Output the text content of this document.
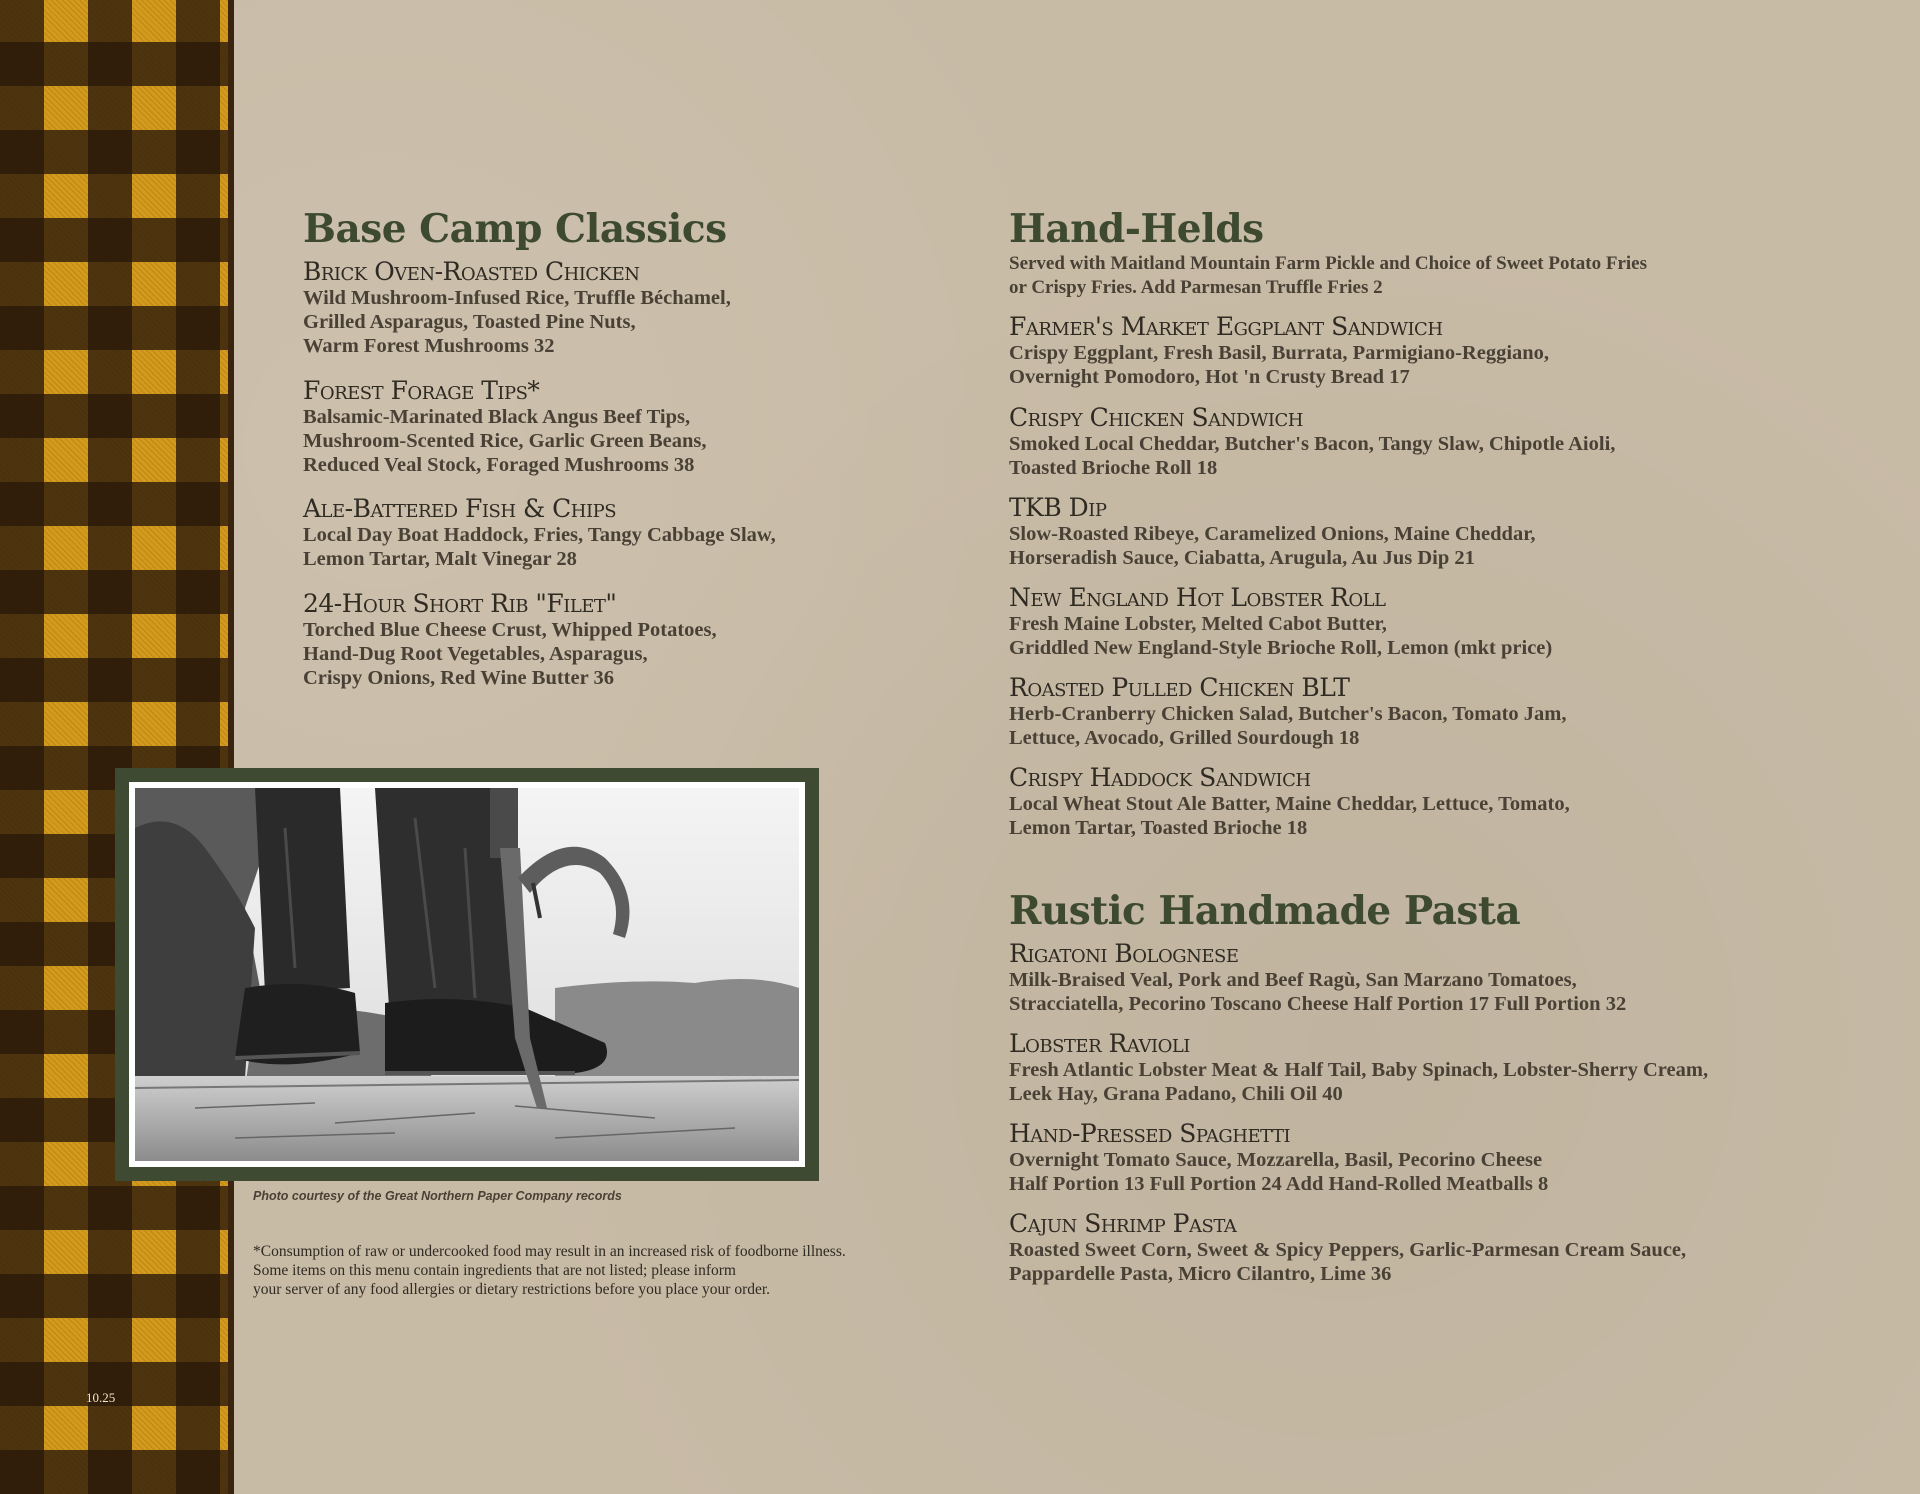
10.25
Base Camp Classics
Brick Oven-Roasted Chicken
Wild Mushroom-Infused Rice, Truffle Béchamel,
Grilled Asparagus, Toasted Pine Nuts,
Warm Forest Mushrooms 32
Forest Forage Tips*
Balsamic-Marinated Black Angus Beef Tips,
Mushroom-Scented Rice, Garlic Green Beans,
Reduced Veal Stock, Foraged Mushrooms 38
Ale-Battered Fish & Chips
Local Day Boat Haddock, Fries, Tangy Cabbage Slaw,
Lemon Tartar, Malt Vinegar 28
24-Hour Short Rib "Filet"
Torched Blue Cheese Crust, Whipped Potatoes,
Hand-Dug Root Vegetables, Asparagus,
Crispy Onions, Red Wine Butter 36
Photo courtesy of the Great Northern Paper Company records
*Consumption of raw or undercooked food may result in an increased risk of foodborne illness.
Some items on this menu contain ingredients that are not listed; please inform
your server of any food allergies or dietary restrictions before you place your order.
Hand-Helds
Served with Maitland Mountain Farm Pickle and Choice of Sweet Potato Fries
or Crispy Fries. Add Parmesan Truffle Fries 2
Farmer's Market Eggplant Sandwich
Crispy Eggplant, Fresh Basil, Burrata, Parmigiano-Reggiano,
Overnight Pomodoro, Hot 'n Crusty Bread 17
Crispy Chicken Sandwich
Smoked Local Cheddar, Butcher's Bacon, Tangy Slaw, Chipotle Aioli,
Toasted Brioche Roll 18
TKB Dip
Slow-Roasted Ribeye, Caramelized Onions, Maine Cheddar,
Horseradish Sauce, Ciabatta, Arugula, Au Jus Dip 21
New England Hot Lobster Roll
Fresh Maine Lobster, Melted Cabot Butter,
Griddled New England-Style Brioche Roll, Lemon (mkt price)
Roasted Pulled Chicken BLT
Herb-Cranberry Chicken Salad, Butcher's Bacon, Tomato Jam,
Lettuce, Avocado, Grilled Sourdough 18
Crispy Haddock Sandwich
Local Wheat Stout Ale Batter, Maine Cheddar, Lettuce, Tomato,
Lemon Tartar, Toasted Brioche 18
Rustic Handmade Pasta
Rigatoni Bolognese
Milk-Braised Veal, Pork and Beef Ragù, San Marzano Tomatoes,
Stracciatella, Pecorino Toscano Cheese Half Portion 17 Full Portion 32
Lobster Ravioli
Fresh Atlantic Lobster Meat & Half Tail, Baby Spinach, Lobster-Sherry Cream,
Leek Hay, Grana Padano, Chili Oil 40
Hand-Pressed Spaghetti
Overnight Tomato Sauce, Mozzarella, Basil, Pecorino Cheese
Half Portion 13 Full Portion 24 Add Hand-Rolled Meatballs 8
Cajun Shrimp Pasta
Roasted Sweet Corn, Sweet & Spicy Peppers, Garlic-Parmesan Cream Sauce,
Pappardelle Pasta, Micro Cilantro, Lime 36
